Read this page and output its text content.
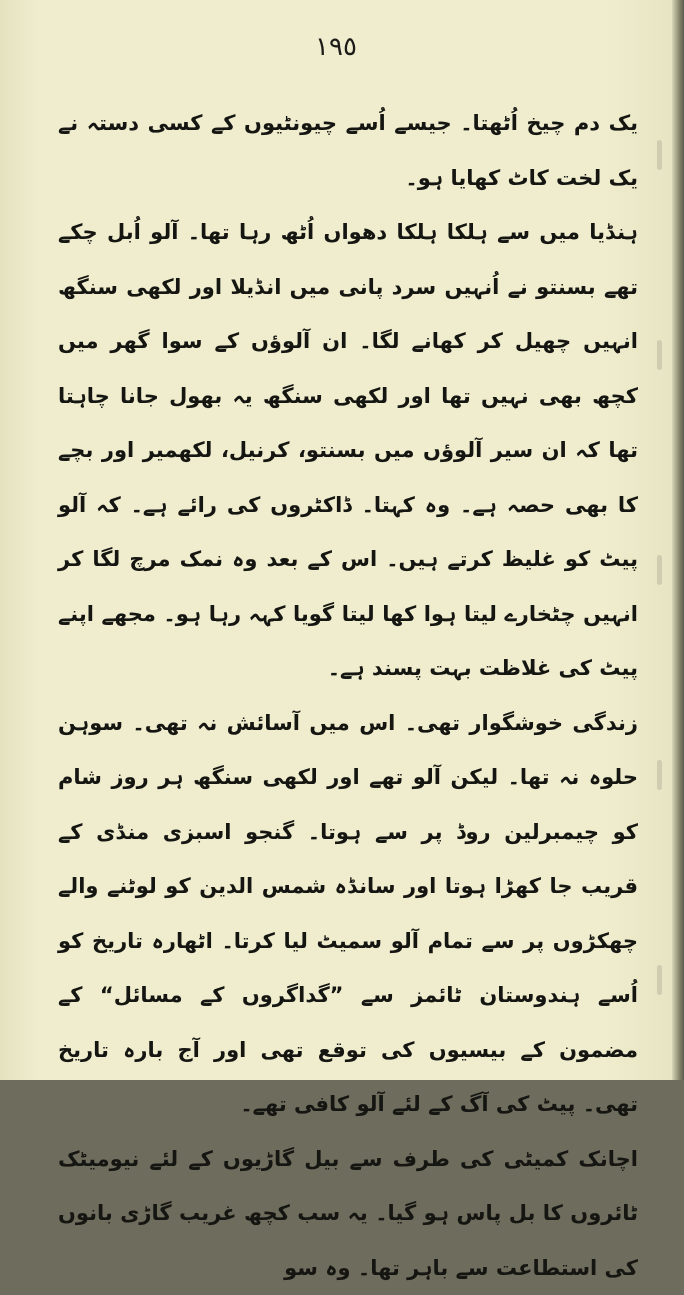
١٩٥

یک دم چیخ اُٹھتا۔ جیسے اُسے چیونٹیوں کے کسی دستہ نے یک لخت کاٹ کھایا ہو۔

ہنڈیا میں سے ہلکا ہلکا دھواں اُٹھ رہا تھا۔ آلو اُبل چکے تھے بسنتو نے اُنہیں سرد پانی میں انڈیلا اور لکھی سنگھ انہیں چھیل کر کھانے لگا۔ ان آلوؤں کے سوا گھر میں کچھ بھی نہیں تھا اور لکھی سنگھ یہ بھول جانا چاہتا تھا کہ ان سیر آلوؤں میں بسنتو، کرنیل، لکھمیر اور بچے کا بھی حصہ ہے۔ وہ کہتا۔ ڈاکٹروں کی رائے ہے۔ کہ آلو پیٹ کو غلیظ کرتے ہیں۔ اس کے بعد وہ نمک مرچ لگا کر انہیں چٹخارے لیتا ہوا کھا لیتا گویا کہہ رہا ہو۔ مجھے اپنے پیٹ کی غلاظت بہت پسند ہے۔

زندگی خوشگوار تھی۔ اس میں آسائش نہ تھی۔ سوہن حلوہ نہ تھا۔ لیکن آلو تھے اور لکھی سنگھ ہر روز شام کو چیمبرلین روڈ پر سے ہوتا۔ گنجو اسبزی منڈی کے قریب جا کھڑا ہوتا اور سانڈہ شمس الدین کو لوٹنے والے چھکڑوں پر سے تمام آلو سمیٹ لیا کرتا۔ اٹھارہ تاریخ کو اُسے ہندوستان ٹائمز سے ”گداگروں کے مسائل“ کے مضمون کے بیسیوں کی توقع تھی اور آج بارہ تاریخ تھی۔ پیٹ کی آگ کے لئے آلو کافی تھے۔

اچانک کمیٹی کی طرف سے بیل گاڑیوں کے لئے نیومیٹک ٹائروں کا بل پاس ہو گیا۔ یہ سب کچھ غریب گاڑی بانوں کی استطاعت سے باہر تھا۔ وہ سو
